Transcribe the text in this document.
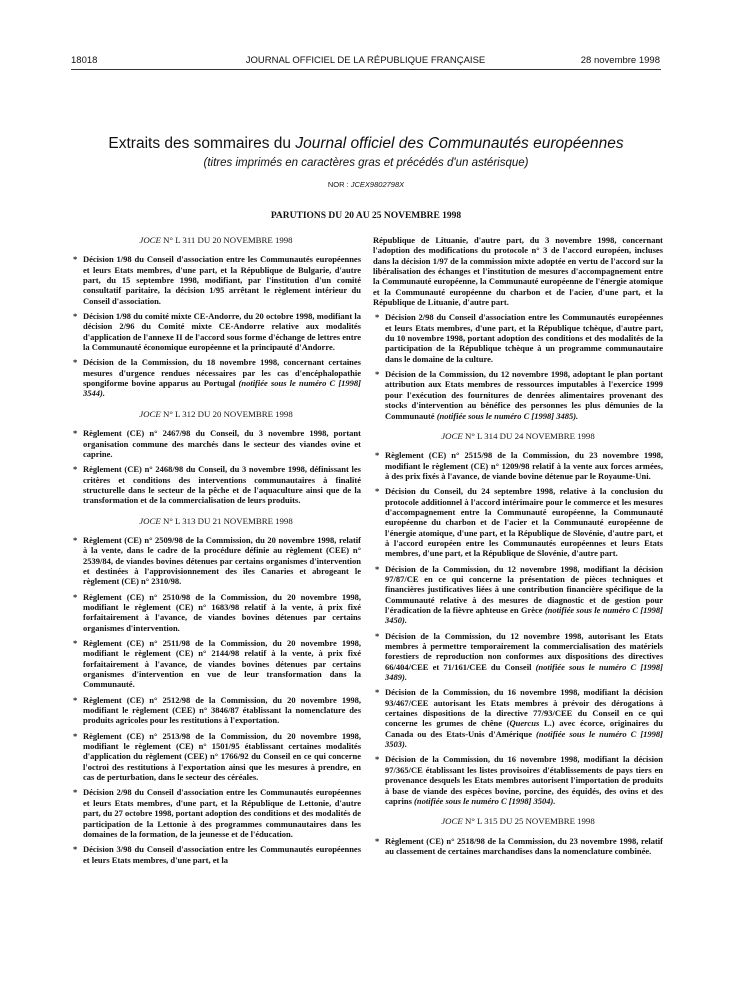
18018	JOURNAL OFFICIEL DE LA RÉPUBLIQUE FRANÇAISE	28 novembre 1998
Extraits des sommaires du Journal officiel des Communautés européennes
(titres imprimés en caractères gras et précédés d'un astérisque)
NOR : JCEX9802798X
PARUTIONS DU 20 AU 25 NOVEMBRE 1998
JOCE N° L 311 DU 20 NOVEMBRE 1998
* Décision 1/98 du Conseil d'association entre les Communautés européennes et leurs Etats membres, d'une part, et la République de Bulgarie, d'autre part, du 15 septembre 1998, modifiant, par l'institution d'un comité consultatif paritaire, la décision 1/95 arrêtant le règlement intérieur du Conseil d'association.
* Décision 1/98 du comité mixte CE-Andorre, du 20 octobre 1998, modifiant la décision 2/96 du Comité mixte CE-Andorre relative aux modalités d'application de l'annexe II de l'accord sous forme d'échange de lettres entre la Communauté économique européenne et la principauté d'Andorre.
* Décision de la Commission, du 18 novembre 1998, concernant certaines mesures d'urgence rendues nécessaires par les cas d'encéphalopathie spongiforme bovine apparus au Portugal (notifiée sous le numéro C [1998] 3544).
JOCE N° L 312 DU 20 NOVEMBRE 1998
* Règlement (CE) n° 2467/98 du Conseil, du 3 novembre 1998, portant organisation commune des marchés dans le secteur des viandes ovine et caprine.
* Règlement (CE) n° 2468/98 du Conseil, du 3 novembre 1998, définissant les critères et conditions des interventions communautaires à finalité structurelle dans le secteur de la pêche et de l'aquaculture ainsi que de la transformation et de la commercialisation de leurs produits.
JOCE N° L 313 DU 21 NOVEMBRE 1998
* Règlement (CE) n° 2509/98 de la Commission, du 20 novembre 1998, relatif à la vente, dans le cadre de la procédure définie au règlement (CEE) n° 2539/84, de viandes bovines détenues par certains organismes d'intervention et destinées à l'approvisionnement des îles Canaries et abrogeant le règlement (CE) n° 2310/98.
* Règlement (CE) n° 2510/98 de la Commission, du 20 novembre 1998, modifiant le règlement (CE) n° 1683/98 relatif à la vente, à prix fixé forfaitairement à l'avance, de viandes bovines détenues par certains organismes d'intervention.
* Règlement (CE) n° 2511/98 de la Commission, du 20 novembre 1998, modifiant le règlement (CE) n° 2144/98 relatif à la vente, à prix fixé forfaitairement à l'avance, de viandes bovines détenues par certains organismes d'intervention en vue de leur transformation dans la Communauté.
* Règlement (CE) n° 2512/98 de la Commission, du 20 novembre 1998, modifiant le règlement (CEE) n° 3846/87 établissant la nomenclature des produits agricoles pour les restitutions à l'exportation.
* Règlement (CE) n° 2513/98 de la Commission, du 20 novembre 1998, modifiant le règlement (CE) n° 1501/95 établissant certaines modalités d'application du règlement (CEE) n° 1766/92 du Conseil en ce qui concerne l'octroi des restitutions à l'exportation ainsi que les mesures à prendre, en cas de perturbation, dans le secteur des céréales.
* Décision 2/98 du Conseil d'association entre les Communautés européennes et leurs Etats membres, d'une part, et la République de Lettonie, d'autre part, du 27 octobre 1998, portant adoption des conditions et des modalités de participation de la Lettonie à des programmes communautaires dans les domaines de la formation, de la jeunesse et de l'éducation.
* Décision 3/98 du Conseil d'association entre les Communautés européennes et leurs Etats membres, d'une part, et la
République de Lituanie, d'autre part, du 3 novembre 1998, concernant l'adoption des modifications du protocole n° 3 de l'accord européen, incluses dans la décision 1/97 de la commission mixte adoptée en vertu de l'accord sur la libéralisation des échanges et l'institution de mesures d'accompagnement entre la Communauté européenne, la Communauté européenne de l'énergie atomique et la Communauté européenne du charbon et de l'acier, d'une part, et la République de Lituanie, d'autre part.
* Décision 2/98 du Conseil d'association entre les Communautés européennes et leurs Etats membres, d'une part, et la République tchèque, d'autre part, du 10 novembre 1998, portant adoption des conditions et des modalités de la participation de la République tchèque à un programme communautaire dans le domaine de la culture.
* Décision de la Commission, du 12 novembre 1998, adoptant le plan portant attribution aux Etats membres de ressources imputables à l'exercice 1999 pour l'exécution des fournitures de denrées alimentaires provenant des stocks d'intervention au bénéfice des personnes les plus démunies de la Communauté (notifiée sous le numéro C [1998] 3485).
JOCE N° L 314 DU 24 NOVEMBRE 1998
* Règlement (CE) n° 2515/98 de la Commission, du 23 novembre 1998, modifiant le règlement (CE) n° 1209/98 relatif à la vente aux forces armées, à des prix fixés à l'avance, de viande bovine détenue par le Royaume-Uni.
* Décision du Conseil, du 24 septembre 1998, relative à la conclusion du protocole additionnel à l'accord intérimaire pour le commerce et les mesures d'accompagnement entre la Communauté européenne, la Communauté européenne du charbon et de l'acier et la Communauté européenne de l'énergie atomique, d'une part, et la République de Slovénie, d'autre part, et à l'accord européen entre les Communautés européennes et leurs Etats membres, d'une part, et la République de Slovénie, d'autre part.
* Décision de la Commission, du 12 novembre 1998, modifiant la décision 97/87/CE en ce qui concerne la présentation de pièces techniques et financières justificatives liées à une contribution financière spécifique de la Communauté relative à des mesures de diagnostic et de gestion pour l'éradication de la fièvre aphteuse en Grèce (notifiée sous le numéro C [1998] 3450).
* Décision de la Commission, du 12 novembre 1998, autorisant les Etats membres à permettre temporairement la commercialisation des matériels forestiers de reproduction non conformes aux dispositions des directives 66/404/CEE et 71/161/CEE du Conseil (notifiée sous le numéro C [1998] 3489).
* Décision de la Commission, du 16 novembre 1998, modifiant la décision 93/467/CEE autorisant les Etats membres à prévoir des dérogations à certaines dispositions de la directive 77/93/CEE du Conseil en ce qui concerne les grumes de chêne (Quercus L.) avec écorce, originaires du Canada ou des Etats-Unis d'Amérique (notifiée sous le numéro C [1998] 3503).
* Décision de la Commission, du 16 novembre 1998, modifiant la décision 97/365/CE établissant les listes provisoires d'établissements de pays tiers en provenance desquels les Etats membres autorisent l'importation de produits à base de viande des espèces bovine, porcine, des équidés, des ovins et des caprins (notifiée sous le numéro C [1998] 3504).
JOCE N° L 315 DU 25 NOVEMBRE 1998
* Règlement (CE) n° 2518/98 de la Commission, du 23 novembre 1998, relatif au classement de certaines marchandises dans la nomenclature combinée.
